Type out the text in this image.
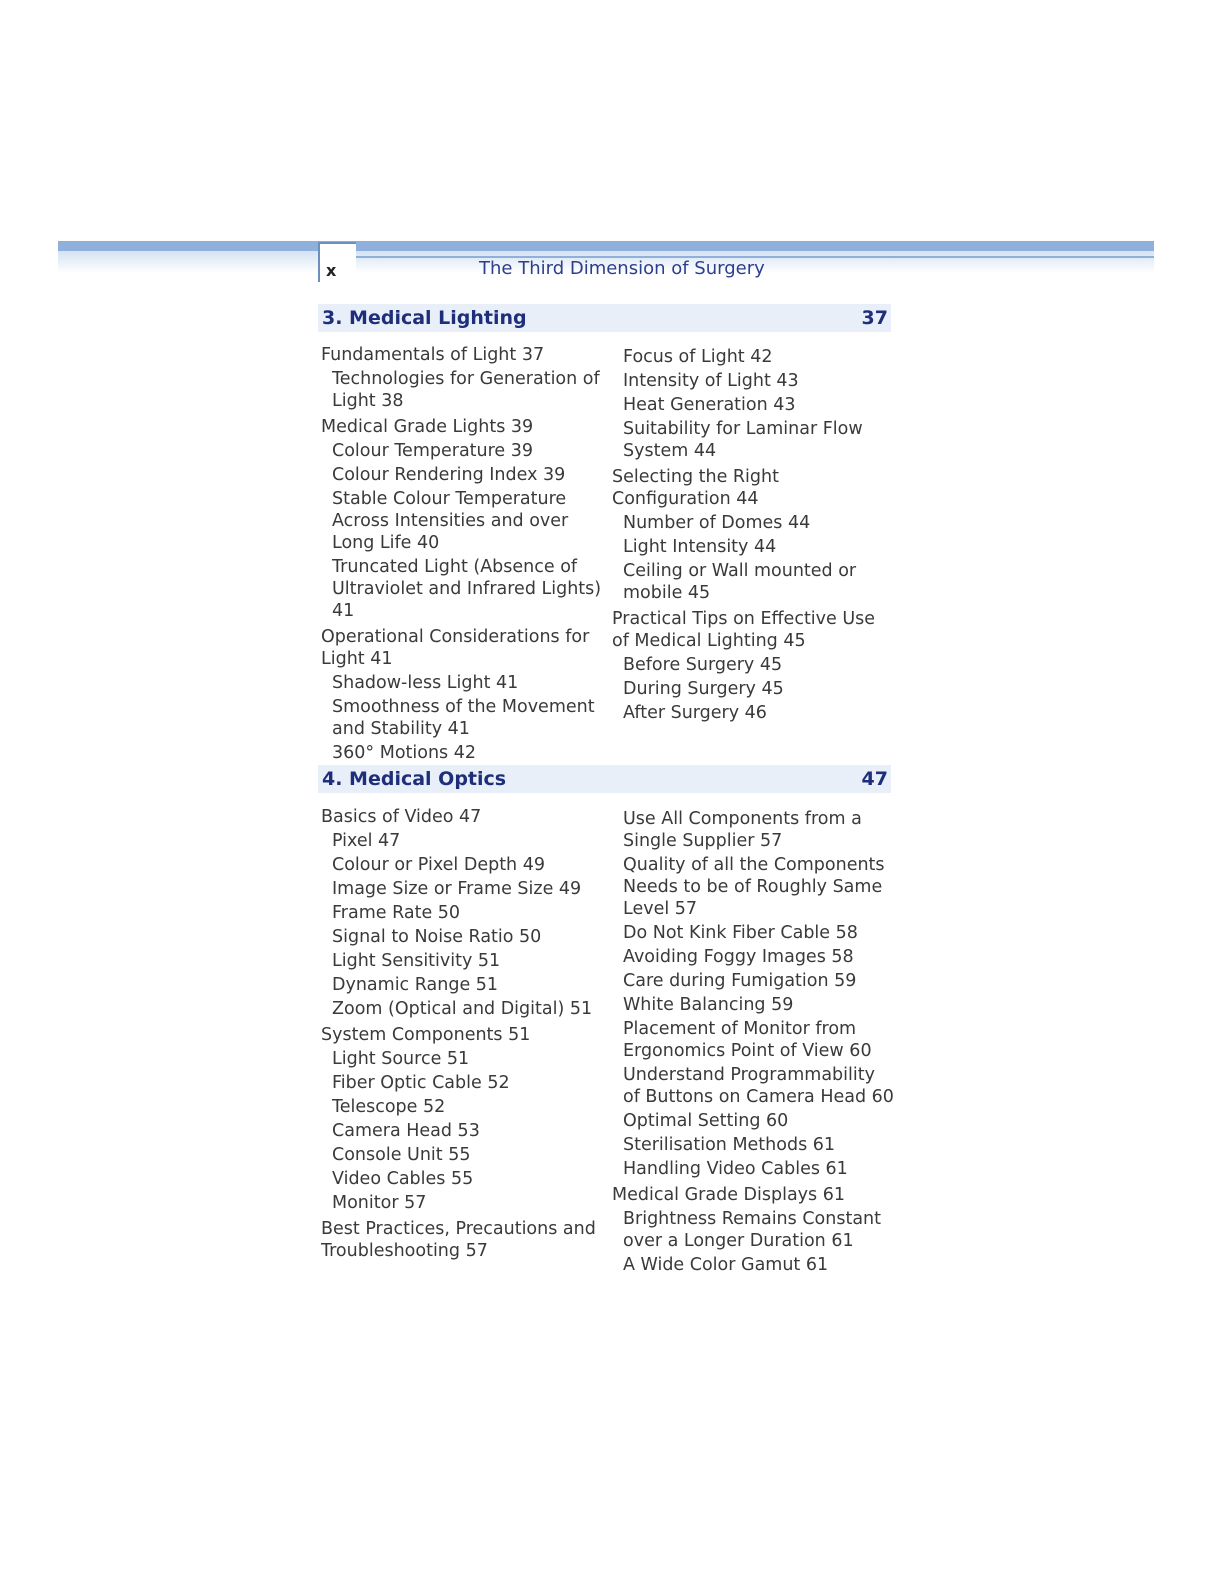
x	The Third Dimension of Surgery
3. Medical Lighting	37

Fundamentals of Light 37

Technologies for Generation of Light 38

Medical Grade Lights 39

Colour Temperature 39

Colour Rendering Index 39

Stable Colour Temperature Across Intensities and over Long Life 40

Truncated Light (Absence of Ultraviolet and Infrared Lights) 41

Operational Considerations for Light 41

Shadow-less Light 41

Smoothness of the Movement and Stability 41

360° Motions 42

Focus of Light 42

Intensity of Light 43

Heat Generation 43

Suitability for Laminar Flow System 44

Selecting the Right Configuration 44

Number of Domes 44

Light Intensity 44

Ceiling or Wall mounted or mobile 45

Practical Tips on Effective Use of Medical Lighting 45

Before Surgery 45

During Surgery 45

After Surgery 46

4. Medical Optics	47

Basics of Video 47

Pixel 47

Colour or Pixel Depth 49

Image Size or Frame Size 49

Frame Rate 50

Signal to Noise Ratio 50

Light Sensitivity 51

Dynamic Range 51

Zoom (Optical and Digital) 51

System Components 51

Light Source 51

Fiber Optic Cable 52

Telescope 52

Camera Head 53

Console Unit 55

Video Cables 55

Monitor 57

Best Practices, Precautions and Troubleshooting 57

Use All Components from a Single Supplier 57

Quality of all the Components Needs to be of Roughly Same Level 57

Do Not Kink Fiber Cable 58

Avoiding Foggy Images 58

Care during Fumigation 59

White Balancing 59

Placement of Monitor from Ergonomics Point of View 60

Understand Programmability of Buttons on Camera Head 60

Optimal Setting 60

Sterilisation Methods 61

Handling Video Cables 61

Medical Grade Displays 61

Brightness Remains Constant over a Longer Duration 61

A Wide Color Gamut 61
